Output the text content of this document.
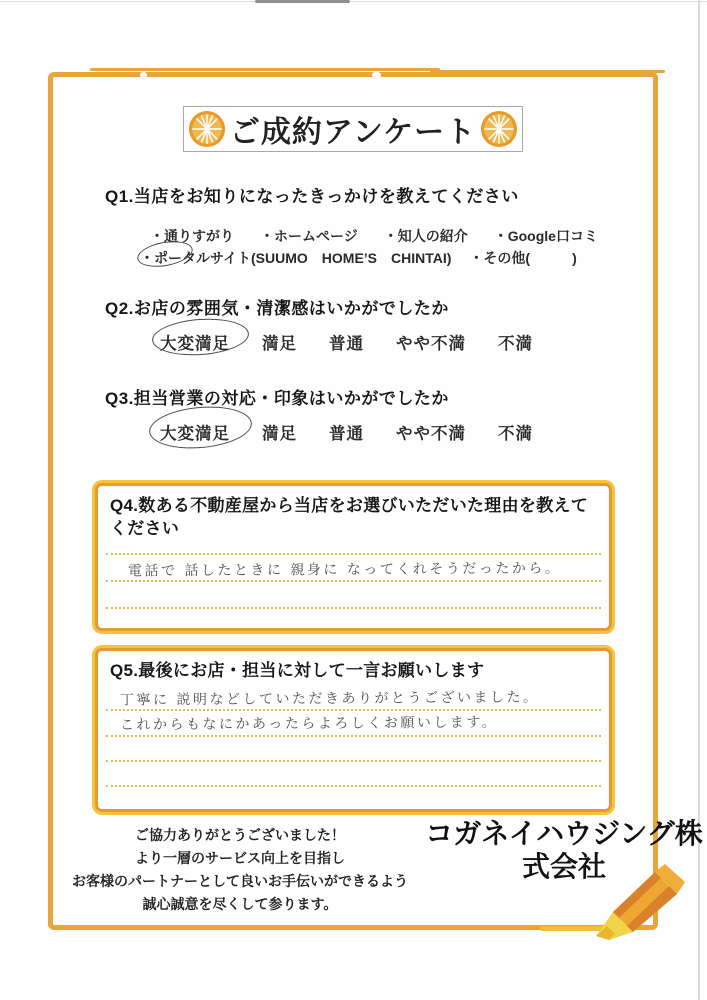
ご成約アンケート
Q1.当店をお知りになったきっかけを教えてください
・通りすがり ・ホームページ ・知人の紹介 ・Google口コミ
・ポータルサイト(SUUMO　HOME’S　CHINTAI) ・その他(　　　)
Q2.お店の雰囲気・清潔感はいかがでしたか
大変満足 満足 普通 やや不満 不満
Q3.担当営業の対応・印象はいかがでしたか
大変満足 満足 普通 やや不満 不満
Q4.数ある不動産屋から当店をお選びいただいた理由を教えてください
電話で 話したときに 親身に なってくれそうだったから。
Q5.最後にお店・担当に対して一言お願いします
丁寧に 説明などしていただきありがとうございました。
これからもなにかあったらよろしくお願いします。
ご協力ありがとうございました！
より一層のサービス向上を目指し
お客様のパートナーとして良いお手伝いができるよう
誠心誠意を尽くして参ります。
コガネイハウジング株
式会社
